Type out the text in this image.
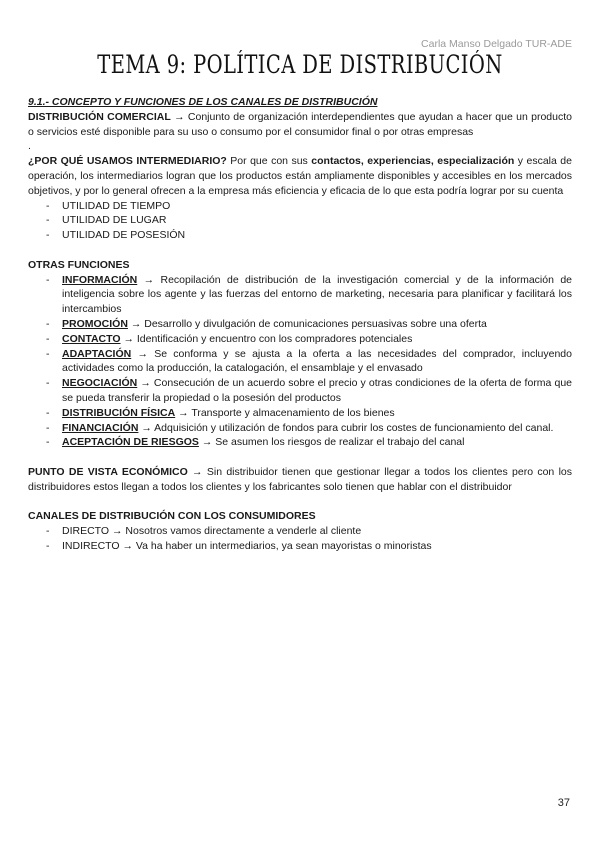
Carla Manso Delgado TUR-ADE
TEMA 9: POLÍTICA DE DISTRIBUCIÓN

9.1.- CONCEPTO Y FUNCIONES DE LOS CANALES DE DISTRIBUCIÓN

DISTRIBUCIÓN COMERCIAL → Conjunto de organización interdependientes que ayudan a hacer que un producto o servicios esté disponible para su uso o consumo por el consumidor final o por otras empresas

.

¿POR QUÉ USAMOS INTERMEDIARIO? Por que con sus contactos, experiencias, especialización y escala de operación, los intermediarios logran que los productos están ampliamente disponibles y accesibles en los mercados objetivos, y por lo general ofrecen a la empresa más eficiencia y eficacia de lo que esta podría lograr por su cuenta

- UTILIDAD DE TIEMPO
- UTILIDAD DE LUGAR
- UTILIDAD DE POSESIÓN

OTRAS FUNCIONES

- INFORMACIÓN → Recopilación de distribución de la investigación comercial y de la información de inteligencia sobre los agente y las fuerzas del entorno de marketing, necesaria para planificar y facilitará los intercambios
- PROMOCIÓN → Desarrollo y divulgación de comunicaciones persuasivas sobre una oferta
- CONTACTO → Identificación y encuentro con los compradores potenciales
- ADAPTACIÓN → Se conforma y se ajusta a la oferta a las necesidades del comprador, incluyendo actividades como la producción, la catalogación, el ensamblaje y el envasado
- NEGOCIACIÓN → Consecución de un acuerdo sobre el precio y otras condiciones de la oferta de forma que se pueda transferir la propiedad o la posesión del productos
- DISTRIBUCIÓN FÍSICA → Transporte y almacenamiento de los bienes
- FINANCIACIÓN → Adquisición y utilización de fondos para cubrir los costes de funcionamiento del canal.
- ACEPTACIÓN DE RIESGOS → Se asumen los riesgos de realizar el trabajo del canal

PUNTO DE VISTA ECONÓMICO → Sin distribuidor tienen que gestionar llegar a todos los clientes pero con los distribuidores estos llegan a todos los clientes y los fabricantes solo tienen que hablar con el distribuidor

CANALES DE DISTRIBUCIÓN CON LOS CONSUMIDORES

- DIRECTO → Nosotros vamos directamente a venderle al cliente
- INDIRECTO → Va ha haber un intermediarios, ya sean mayoristas o minoristas
37
